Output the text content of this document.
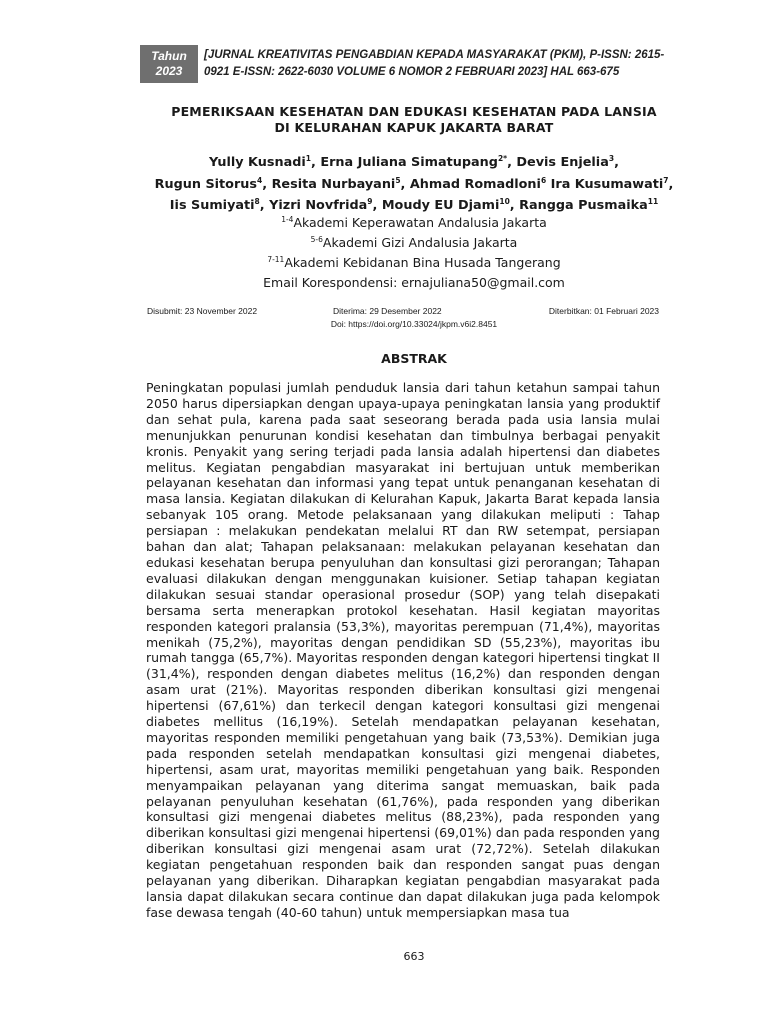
Tahun
2023
[JURNAL KREATIVITAS PENGABDIAN KEPADA MASYARAKAT (PKM), P-ISSN: 2615-0921 E-ISSN: 2622-6030 VOLUME 6 NOMOR 2 FEBRUARI 2023] HAL 663-675
PEMERIKSAAN KESEHATAN DAN EDUKASI KESEHATAN PADA LANSIA
DI KELURAHAN KAPUK JAKARTA BARAT
Yully Kusnadi$^1$, Erna Juliana Simatupang$^{2*}$, Devis Enjelia$^3$,
Rugun Sitorus$^4$, Resita Nurbayani$^5$, Ahmad Romadloni$^6$ Ira Kusumawati$^7$,
Iis Sumiyati$^8$, Yizri Novfrida$^9$, Moudy EU Djami$^{10}$, Rangga Pusmaika$^{11}$
$^{1-4}$Akademi Keperawatan Andalusia Jakarta
$^{5-6}$Akademi Gizi Andalusia Jakarta
$^{7-11}$Akademi Kebidanan Bina Husada Tangerang
Email Korespondensi: ernajuliana50@gmail.com
Disubmit: 23 November 2022	Diterima: 29 Desember 2022	Diterbitkan: 01 Februari 2023
Doi: https://doi.org/10.33024/jkpm.v6i2.8451
ABSTRAK
Peningkatan populasi jumlah penduduk lansia dari tahun ketahun sampai tahun 2050 harus dipersiapkan dengan upaya-upaya peningkatan lansia yang produktif dan sehat pula, karena pada saat seseorang berada pada usia lansia mulai menunjukkan penurunan kondisi kesehatan dan timbulnya berbagai penyakit kronis. Penyakit yang sering terjadi pada lansia adalah hipertensi dan diabetes melitus. Kegiatan pengabdian masyarakat ini bertujuan untuk memberikan pelayanan kesehatan dan informasi yang tepat untuk penanganan kesehatan di masa lansia. Kegiatan dilakukan di Kelurahan Kapuk, Jakarta Barat kepada lansia sebanyak 105 orang. Metode pelaksanaan yang dilakukan meliputi : Tahap persiapan : melakukan pendekatan melalui RT dan RW setempat, persiapan bahan dan alat; Tahapan pelaksanaan: melakukan pelayanan kesehatan dan edukasi kesehatan berupa penyuluhan dan konsultasi gizi perorangan; Tahapan evaluasi dilakukan dengan menggunakan kuisioner. Setiap tahapan kegiatan dilakukan sesuai standar operasional prosedur (SOP) yang telah disepakati bersama serta menerapkan protokol kesehatan. Hasil kegiatan mayoritas responden kategori pralansia (53,3%), mayoritas perempuan (71,4%), mayoritas menikah (75,2%), mayoritas dengan pendidikan SD (55,23%), mayoritas ibu rumah tangga (65,7%). Mayoritas responden dengan kategori hipertensi tingkat II (31,4%), responden dengan diabetes melitus (16,2%) dan responden dengan asam urat (21%). Mayoritas responden diberikan konsultasi gizi mengenai hipertensi (67,61%) dan terkecil dengan kategori konsultasi gizi mengenai diabetes mellitus (16,19%). Setelah mendapatkan pelayanan kesehatan, mayoritas responden memiliki pengetahuan yang baik (73,53%). Demikian juga pada responden setelah mendapatkan konsultasi gizi mengenai diabetes, hipertensi, asam urat, mayoritas memiliki pengetahuan yang baik. Responden menyampaikan pelayanan yang diterima sangat memuaskan, baik pada pelayanan penyuluhan kesehatan (61,76%), pada responden yang diberikan konsultasi gizi mengenai diabetes melitus (88,23%), pada responden yang diberikan konsultasi gizi mengenai hipertensi (69,01%) dan pada responden yang diberikan konsultasi gizi mengenai asam urat (72,72%). Setelah dilakukan kegiatan pengetahuan responden baik dan responden sangat puas dengan pelayanan yang diberikan. Diharapkan kegiatan pengabdian masyarakat pada lansia dapat dilakukan secara continue dan dapat dilakukan juga pada kelompok fase dewasa tengah (40-60 tahun) untuk mempersiapkan masa tua
663
